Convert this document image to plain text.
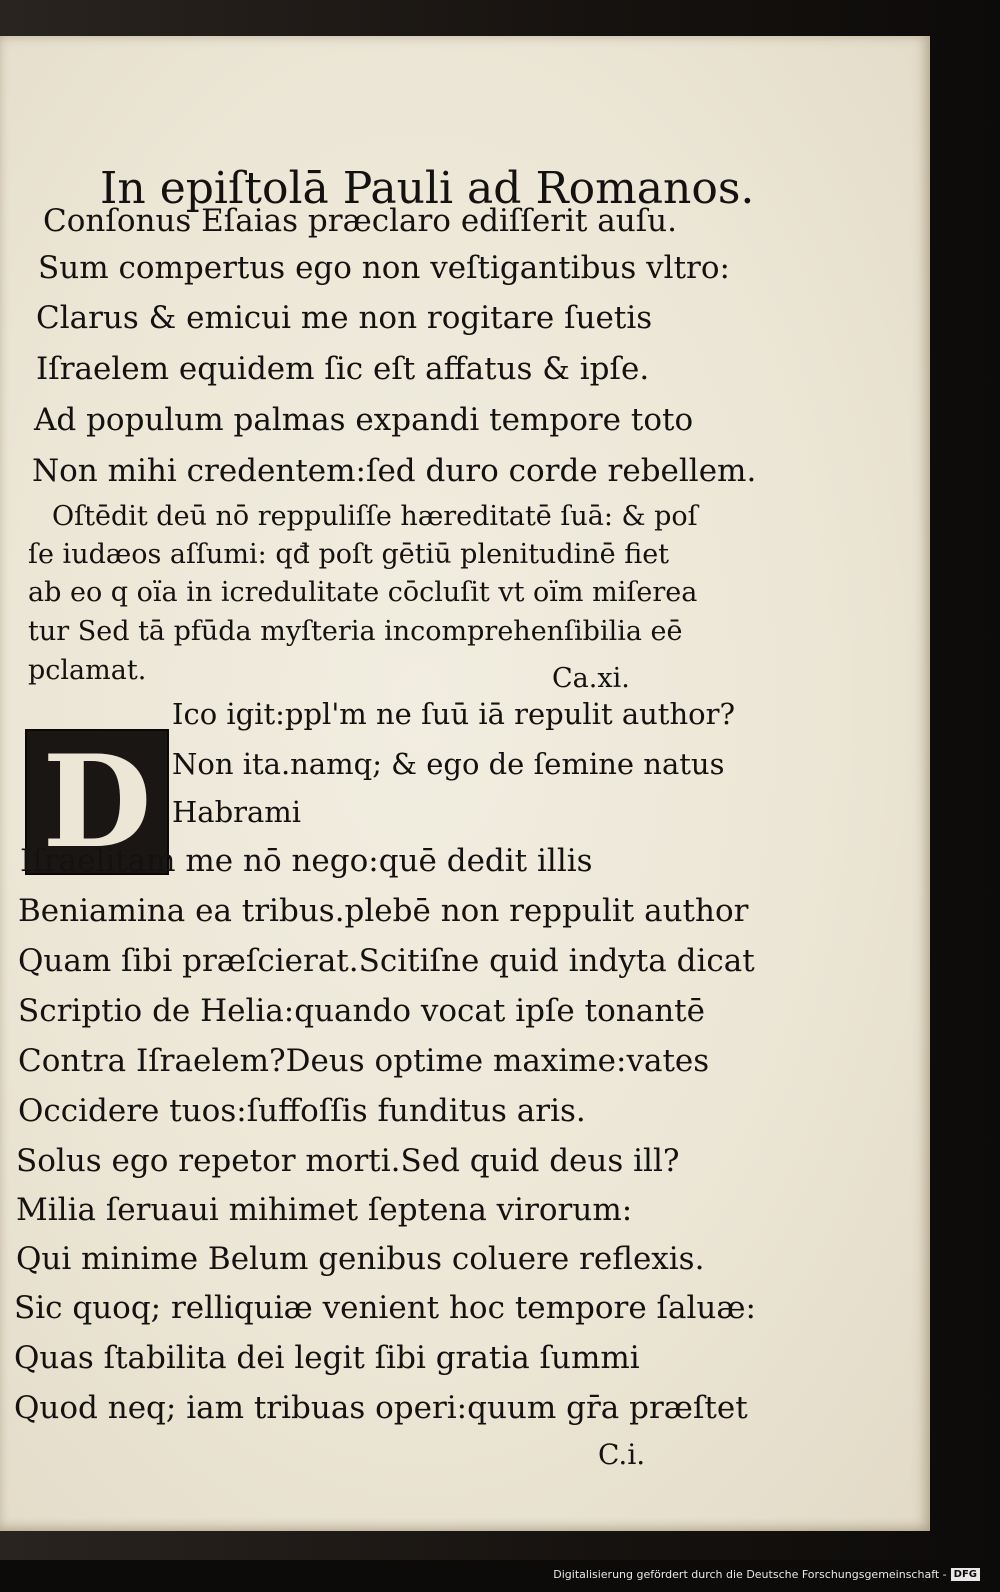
In epiſtolā Pauli ad Romanos.
Conſonus Eſaias præclaro ediſſerit auſu.
Sum compertus ego non veſtigantibus vltro:
Clarus & emicui me non rogitare ſuetis
Iſraelem equidem ſic eſt affatus & ipſe.
Ad populum palmas expandi tempore toto
Non mihi credentem:ſed duro corde rebellem.
Oſtēdit deū nō reppuliſſe hæreditatē ſuā: & poſ
ſe iudæos aſſumi: qđ poſt gētiū plenitudinē fiet
ab eo q oïa in icredulitate cōcluſit vt oïm miſerea
tur Sed tā pfūda myſteria incomprehenſibilia eē
pclamat.	Ca.xi.
D
Ico igit:ppl'm ne ſuū iā repulit author?
Non ita.namq; & ego de ſemine natus
Habrami
Iſraelitam me nō nego:quē dedit illis
Beniamina ea tribus.plebē non reppulit author
Quam ſibi præſcierat.Scitiſne quid indyta dicat
Scriptio de Helia:quando vocat ipſe tonantē
Contra Iſraelem?Deus optime maxime:vates
Occidere tuos:ſuffoſſis funditus aris.
Solus ego repetor morti.Sed quid deus ill?
Milia ſeruaui mihimet ſeptena virorum:
Qui minime Belum genibus coluere reflexis.
Sic quoq; relliquiæ venient hoc tempore ſaluæ:
Quas ſtabilita dei legit ſibi gratia ſummi
Quod neq; iam tribuas operi:quum gr̄a præſtet
C.i.
Digitalisierung gefördert durch die Deutsche Forschungsgemeinschaft - DFG
